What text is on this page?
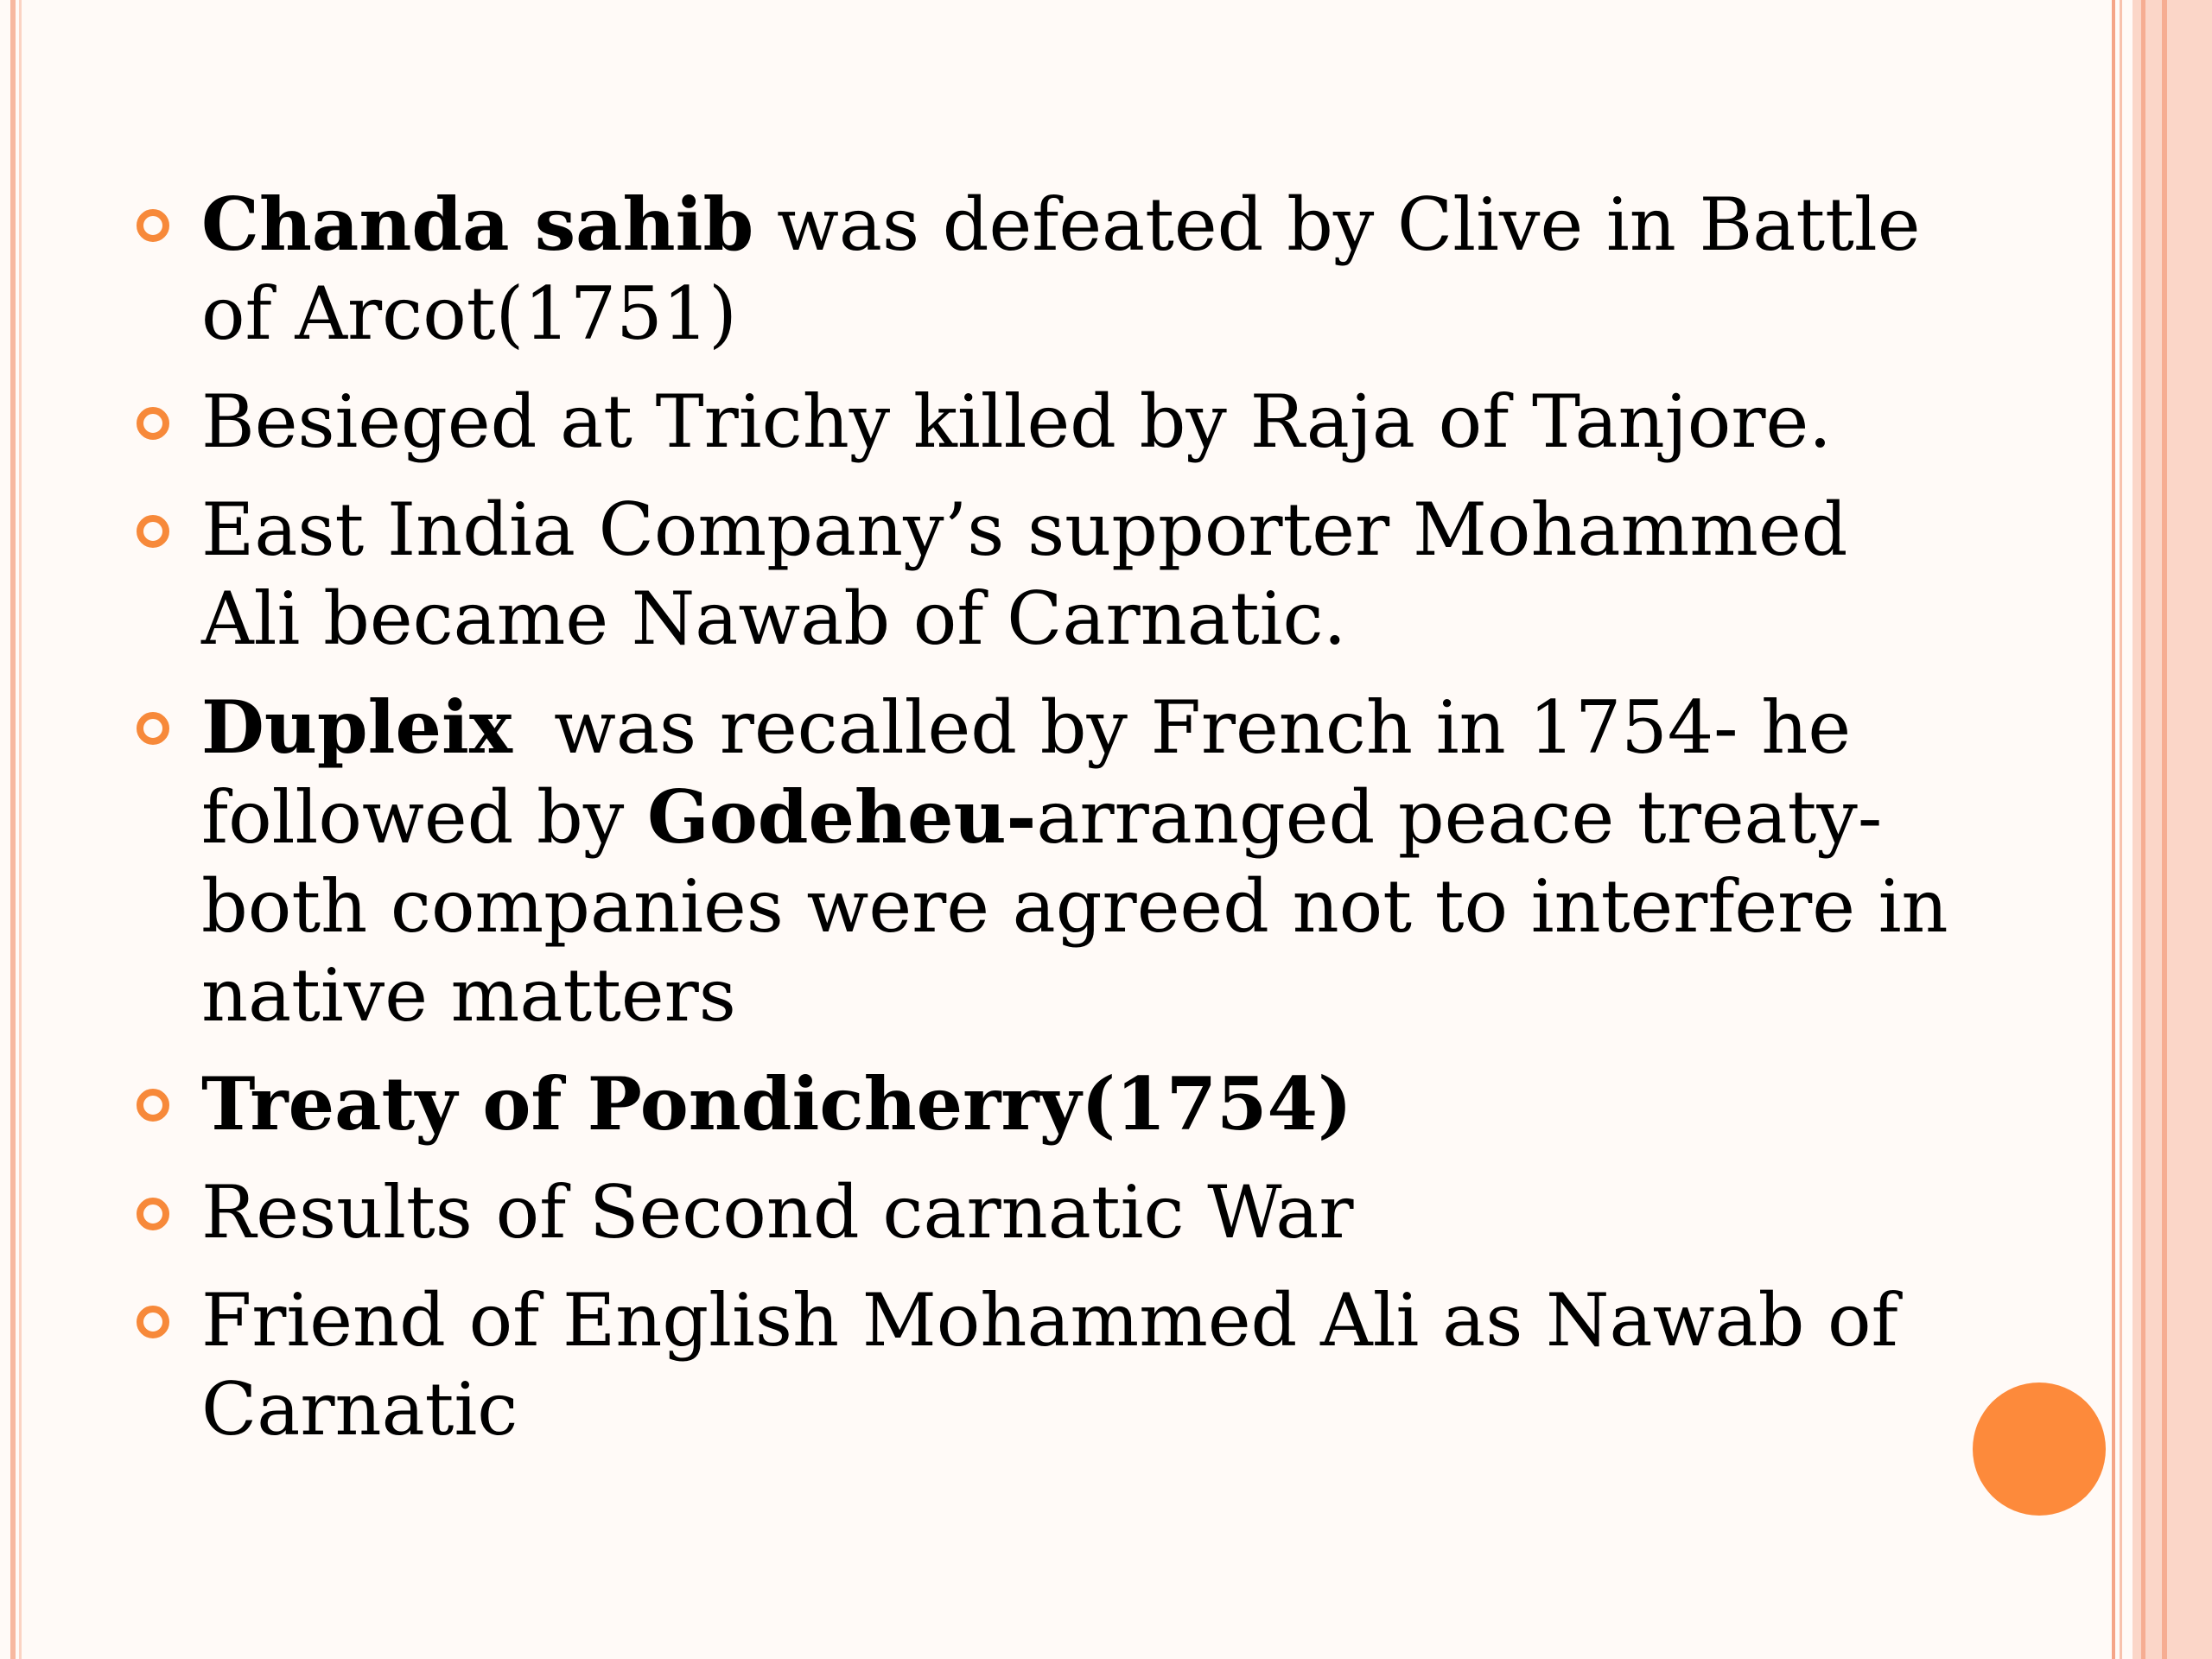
Chanda sahib was defeated by Clive in Battle of Arcot(1751)
Besieged at Trichy killed by Raja of Tanjore.
East India Company’s supporter Mohammed Ali became Nawab of Carnatic.
Dupleix was recalled by French in 1754- he followed by Godeheu-arranged peace treaty- both companies were agreed not to interfere in native matters
Treaty of Pondicherry(1754)
Results of Second carnatic War
Friend of English Mohammed Ali as Nawab of Carnatic
